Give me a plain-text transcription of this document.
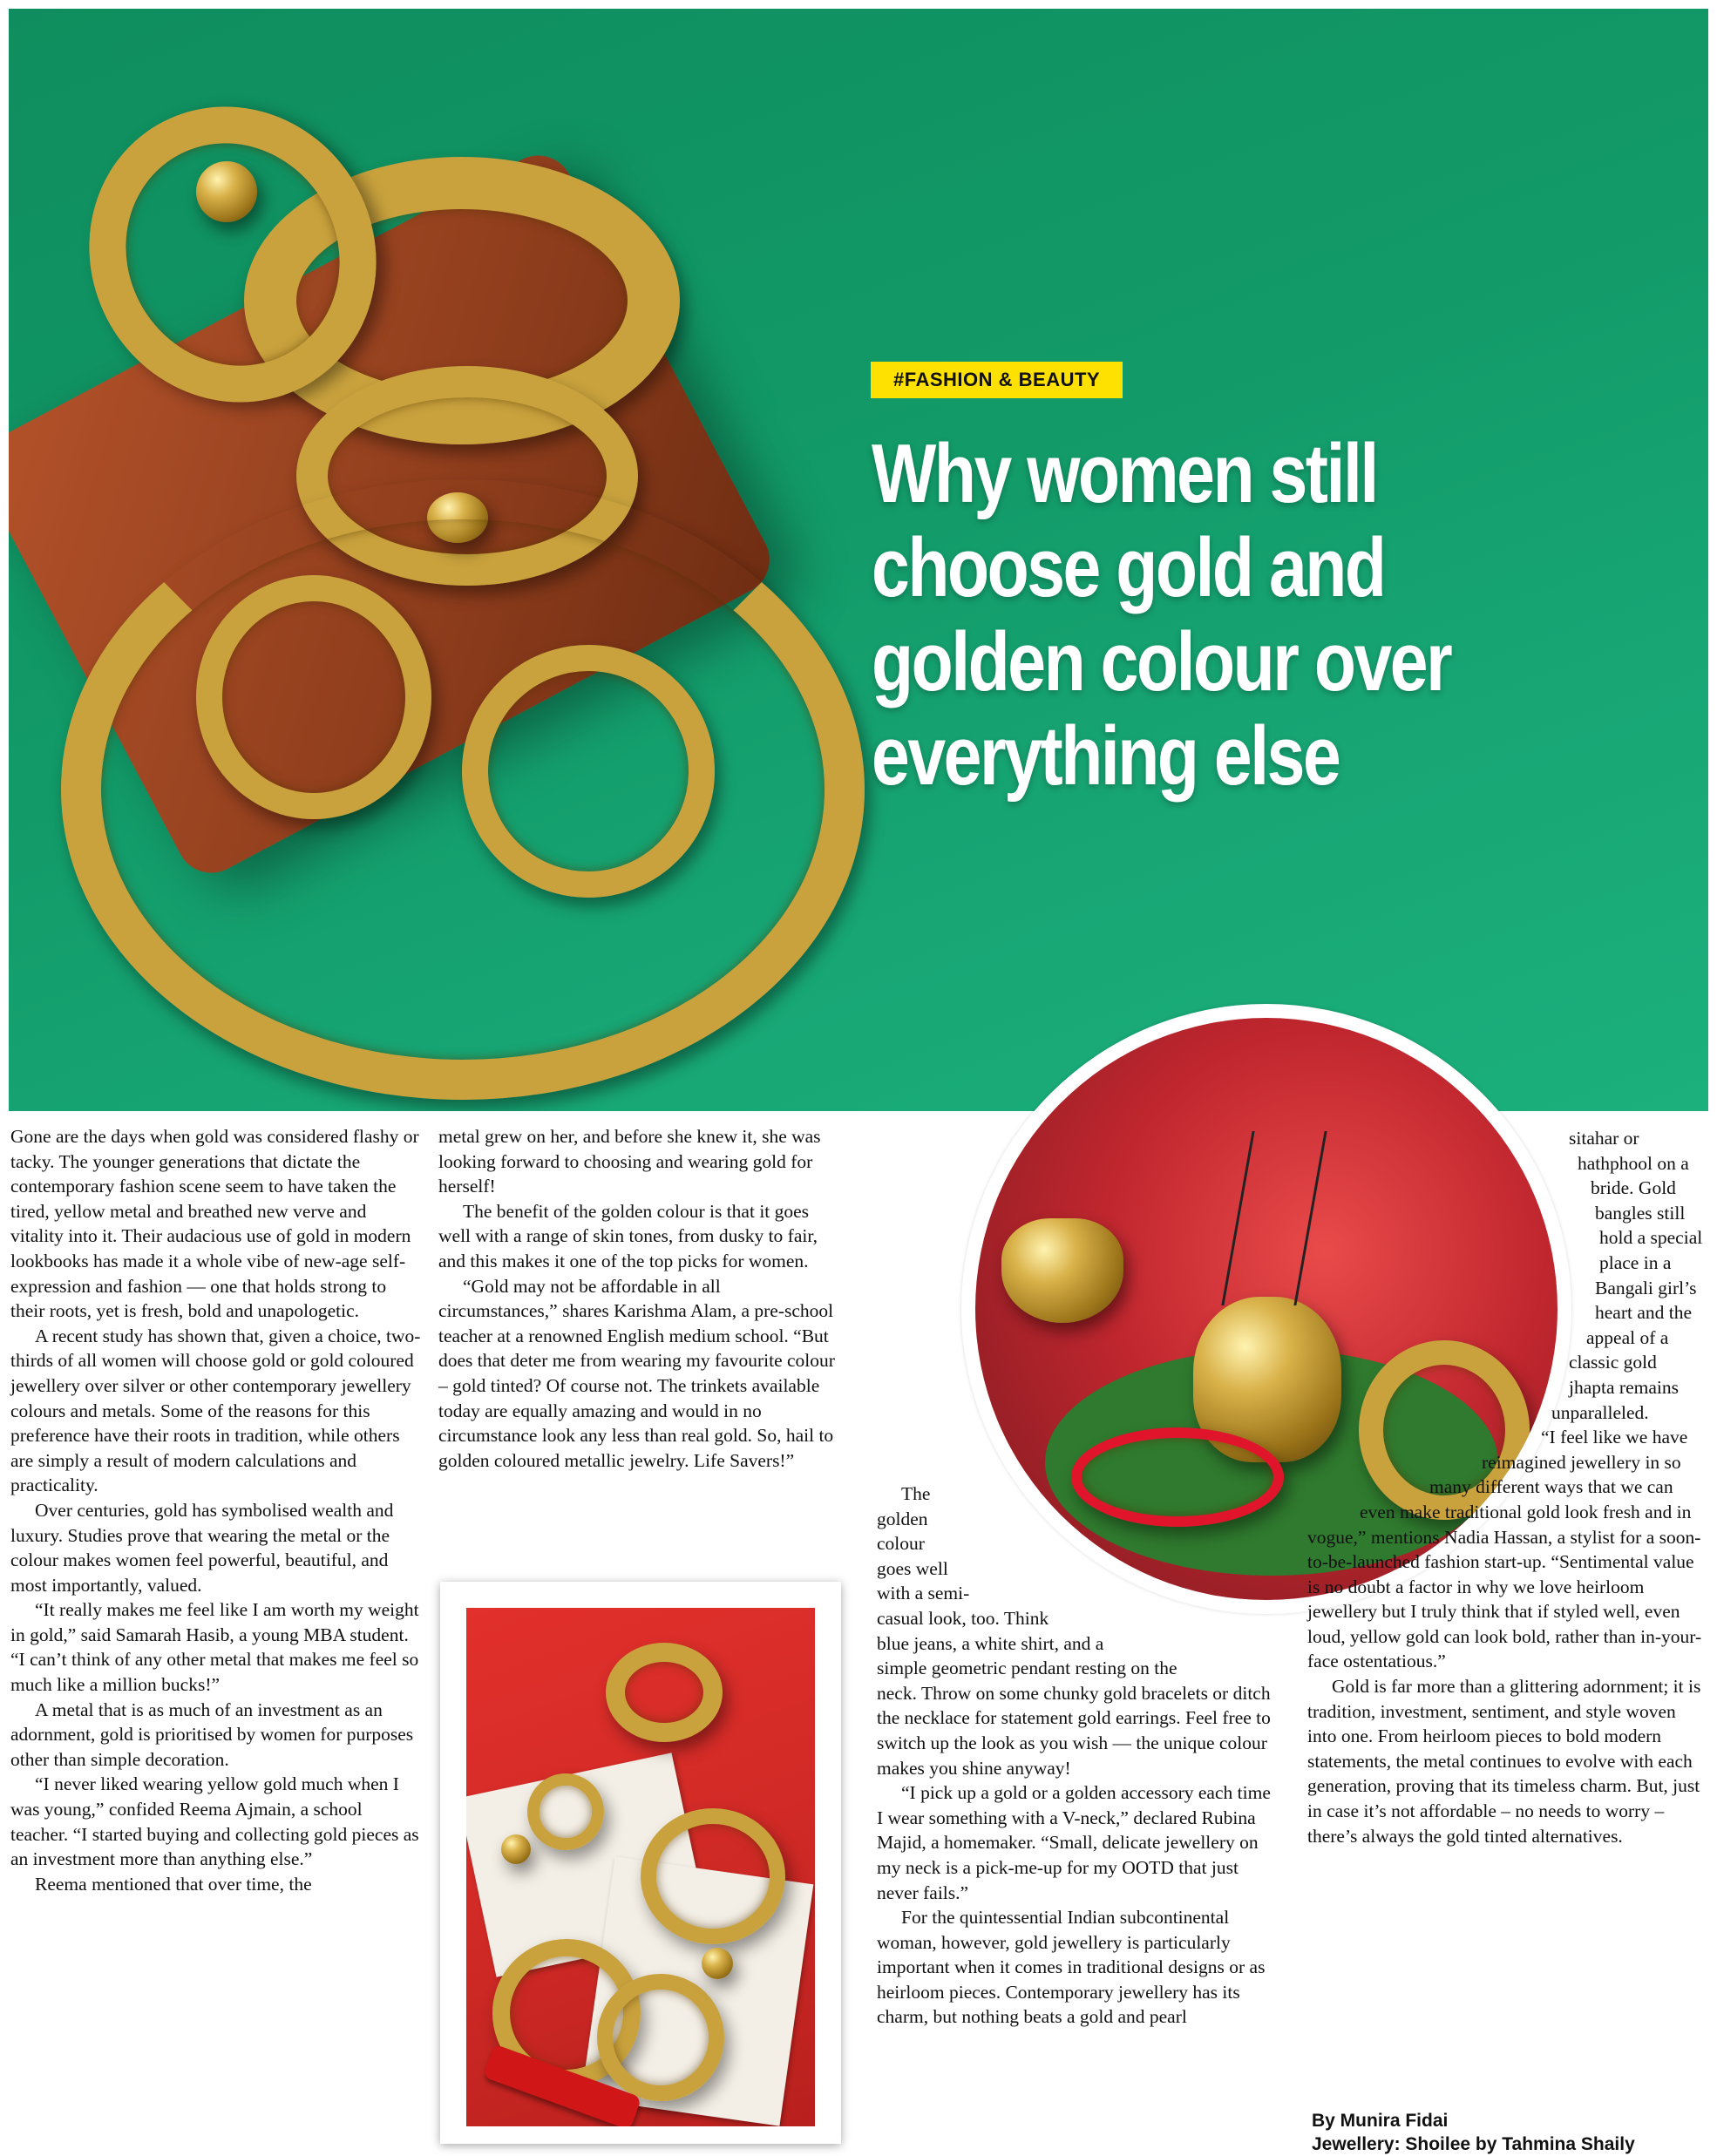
#FASHION & BEAUTY
Why women still choose gold and golden colour over everything else

Gone are the days when gold was considered flashy or tacky. The younger generations that dictate the contemporary fashion scene seem to have taken the tired, yellow metal and breathed new verve and vitality into it. Their audacious use of gold in modern lookbooks has made it a whole vibe of new-age self-expression and fashion — one that holds strong to their roots, yet is fresh, bold and unapologetic.

A recent study has shown that, given a choice, two-thirds of all women will choose gold or gold coloured jewellery over silver or other contemporary jewellery colours and metals. Some of the reasons for this preference have their roots in tradition, while others are simply a result of modern calculations and practicality.

Over centuries, gold has symbolised wealth and luxury. Studies prove that wearing the metal or the colour makes women feel powerful, beautiful, and most importantly, valued.

“It really makes me feel like I am worth my weight in gold,” said Samarah Hasib, a young MBA student. “I can’t think of any other metal that makes me feel so much like a million bucks!”

A metal that is as much of an investment as an adornment, gold is prioritised by women for purposes other than simple decoration.

“I never liked wearing yellow gold much when I was young,” confided Reema Ajmain, a school teacher. “I started buying and collecting gold pieces as an investment more than anything else.”

Reema mentioned that over time, the

metal grew on her, and before she knew it, she was looking forward to choosing and wearing gold for herself!

The benefit of the golden colour is that it goes well with a range of skin tones, from dusky to fair, and this makes it one of the top picks for women.

“Gold may not be affordable in all circumstances,” shares Karishma Alam, a pre-school teacher at a renowned English medium school. “But does that deter me from wearing my favourite colour – gold tinted? Of course not. The trinkets available today are equally amazing and would in no circumstance look any less than real gold. So, hail to golden coloured metallic jewelry. Life Savers!”

The golden colour goes well with a semi-casual look, too. Think blue jeans, a white shirt, and a simple geometric pendant resting on the neck. Throw on some chunky gold bracelets or ditch the necklace for statement gold earrings. Feel free to switch up the look as you wish — the unique colour makes you shine anyway!

“I pick up a gold or a golden accessory each time I wear something with a V-neck,” declared Rubina Majid, a homemaker. “Small, delicate jewellery on my neck is a pick-me-up for my OOTD that just never fails.”

For the quintessential Indian subcontinental woman, however, gold jewellery is particularly important when it comes in traditional designs or as heirloom pieces. Contemporary jewellery has its charm, but nothing beats a gold and pearl

sitahar or hathphool on a bride. Gold bangles still hold a special place in a Bangali girl’s heart and the appeal of a classic gold jhapta remains unparalleled.

“I feel like we have reimagined jewellery in so many different ways that we can even make traditional gold look fresh and in vogue,” mentions Nadia Hassan, a stylist for a soon-to-be-launched fashion start-up. “Sentimental value is no doubt a factor in why we love heirloom jewellery but I truly think that if styled well, even loud, yellow gold can look bold, rather than in-your-face ostentatious.”

Gold is far more than a glittering adornment; it is tradition, investment, sentiment, and style woven into one. From heirloom pieces to bold modern statements, the metal continues to evolve with each generation, proving that its timeless charm. But, just in case it’s not affordable – no needs to worry – there’s always the gold tinted alternatives.

By Munira Fidai
Jewellery: Shoilee by Tahmina Shaily
